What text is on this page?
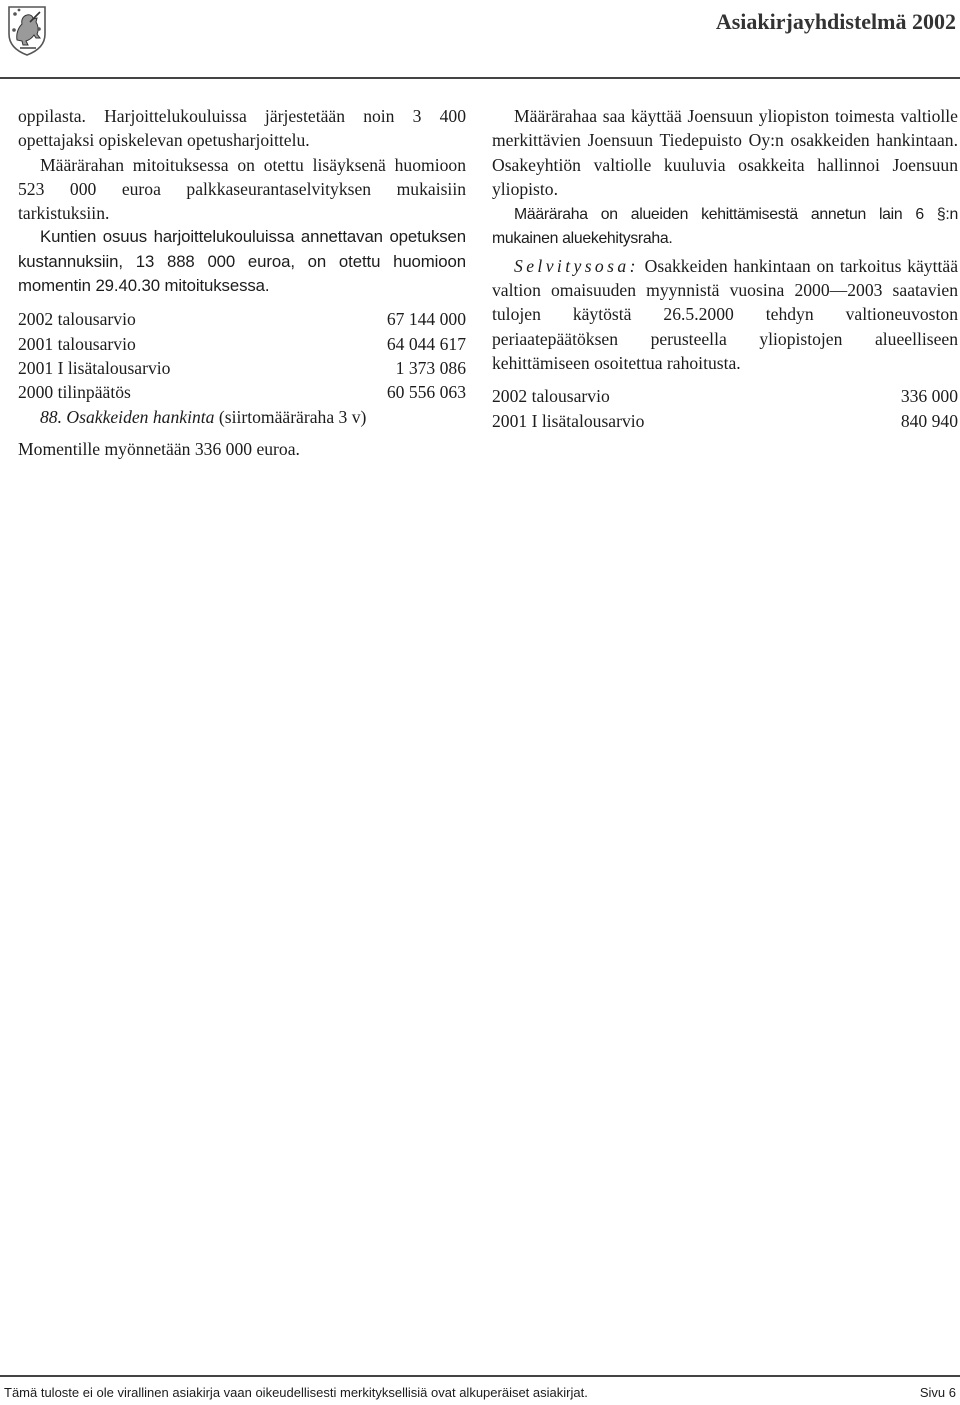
Asiakirjayhdistelmä 2002

oppilasta. Harjoittelukouluissa järjestetään noin 3 400 opettajaksi opiskelevan opetusharjoittelu.

Määrärahan mitoituksessa on otettu lisäyksenä huomioon 523 000 euroa palkkaseurantaselvityksen mukaisiin tarkistuksiin.

Kuntien osuus harjoittelukouluissa annettavan opetuksen kustannuksiin, 13 888 000 euroa, on otettu huomioon momentin 29.40.30 mitoituksessa.

2002 talousarvio	67 144 000
2001 talousarvio	64 044 617
2001 I lisätalousarvio	1 373 086
2000 tilinpäätös	60 556 063

88. Osakkeiden hankinta (siirtomääräraha 3 v)

Momentille myönnetään 336 000 euroa.

Määrärahaa saa käyttää Joensuun yliopiston toimesta valtiolle merkittävien Joensuun Tiedepuisto Oy:n osakkeiden hankintaan. Osakeyhtiön valtiolle kuuluvia osakkeita hallinnoi Joensuun yliopisto.

Määräraha on alueiden kehittämisestä annetun lain 6 §:n mukainen aluekehitysraha.

Selvitysosa: Osakkeiden hankintaan on tarkoitus käyttää valtion omaisuuden myynnistä vuosina 2000—2003 saatavien tulojen käytöstä 26.5.2000 tehdyn valtioneuvoston periaatepäätöksen perusteella yliopistojen alueelliseen kehittämiseen osoitettua rahoitusta.

2002 talousarvio	336 000
2001 I lisätalousarvio	840 940
Tämä tuloste ei ole virallinen asiakirja vaan oikeudellisesti merkityksellisiä ovat alkuperäiset asiakirjat.	Sivu 6
